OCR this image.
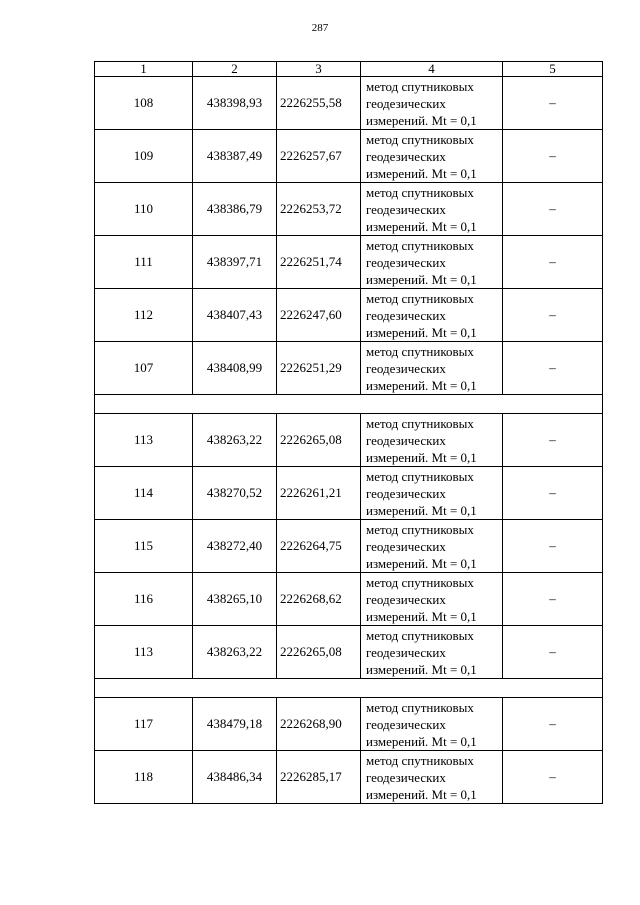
287
1	2	3	4	5
108	438398,93	2226255,58	метод спутниковых
геодезических
измерений. Mt = 0,1	–
109	438387,49	2226257,67	метод спутниковых
геодезических
измерений. Mt = 0,1	–
110	438386,79	2226253,72	метод спутниковых
геодезических
измерений. Mt = 0,1	–
111	438397,71	2226251,74	метод спутниковых
геодезических
измерений. Mt = 0,1	–
112	438407,43	2226247,60	метод спутниковых
геодезических
измерений. Mt = 0,1	–
107	438408,99	2226251,29	метод спутниковых
геодезических
измерений. Mt = 0,1	–

113	438263,22	2226265,08	метод спутниковых
геодезических
измерений. Mt = 0,1	–
114	438270,52	2226261,21	метод спутниковых
геодезических
измерений. Mt = 0,1	–
115	438272,40	2226264,75	метод спутниковых
геодезических
измерений. Mt = 0,1	–
116	438265,10	2226268,62	метод спутниковых
геодезических
измерений. Mt = 0,1	–
113	438263,22	2226265,08	метод спутниковых
геодезических
измерений. Mt = 0,1	–

117	438479,18	2226268,90	метод спутниковых
геодезических
измерений. Mt = 0,1	–
118	438486,34	2226285,17	метод спутниковых
геодезических
измерений. Mt = 0,1	–
